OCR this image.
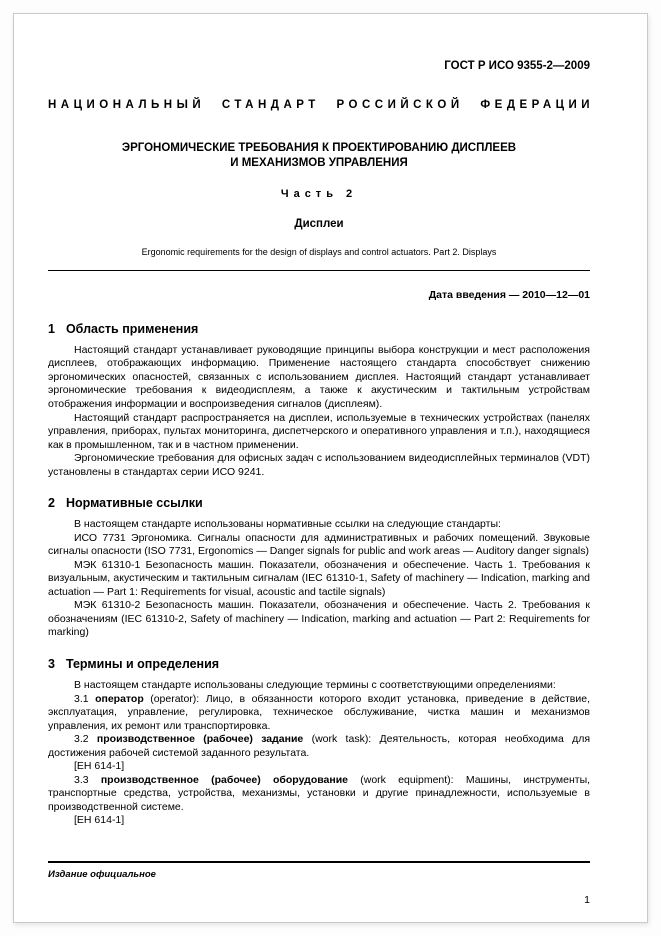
ГОСТ Р ИСО 9355-2—2009
НАЦИОНАЛЬНЫЙ СТАНДАРТ РОССИЙСКОЙ ФЕДЕРАЦИИ
ЭРГОНОМИЧЕСКИЕ ТРЕБОВАНИЯ К ПРОЕКТИРОВАНИЮ ДИСПЛЕЕВ
И МЕХАНИЗМОВ УПРАВЛЕНИЯ
Часть 2
Дисплеи
Ergonomic requirements for the design of displays and control actuators. Part 2. Displays
Дата введения — 2010—12—01
1 Область применения

Настоящий стандарт устанавливает руководящие принципы выбора конструкции и мест расположения дисплеев, отображающих информацию. Применение настоящего стандарта способствует снижению эргономических опасностей, связанных с использованием дисплея. Настоящий стандарт устанавливает эргономические требования к видеодисплеям, а также к акустическим и тактильным устройствам отображения информации и воспроизведения сигналов (дисплеям).

Настоящий стандарт распространяется на дисплеи, используемые в технических устройствах (панелях управления, приборах, пультах мониторинга, диспетчерского и оперативного управления и т.п.), находящиеся как в промышленном, так и в частном применении.

Эргономические требования для офисных задач с использованием видеодисплейных терминалов (VDT) установлены в стандартах серии ИСО 9241.

2 Нормативные ссылки

В настоящем стандарте использованы нормативные ссылки на следующие стандарты:

ИСО 7731 Эргономика. Сигналы опасности для административных и рабочих помещений. Звуковые сигналы опасности (ISO 7731, Ergonomics — Danger signals for public and work areas — Auditory danger signals)

МЭК 61310-1 Безопасность машин. Показатели, обозначения и обеспечение. Часть 1. Требования к визуальным, акустическим и тактильным сигналам (IEC 61310-1, Safety of machinery — Indication, marking and actuation — Part 1: Requirements for visual, acoustic and tactile signals)

МЭК 61310-2 Безопасность машин. Показатели, обозначения и обеспечение. Часть 2. Требования к обозначениям (IEC 61310-2, Safety of machinery — Indication, marking and actuation — Part 2: Requirements for marking)

3 Термины и определения

В настоящем стандарте использованы следующие термины с соответствующими определениями:

3.1 оператор (operator): Лицо, в обязанности которого входит установка, приведение в действие, эксплуатация, управление, регулировка, техническое обслуживание, чистка машин и механизмов управления, их ремонт или транспортировка.

3.2 производственное (рабочее) задание (work task): Деятельность, которая необходима для достижения рабочей системой заданного результата.

[ЕН 614-1]

3.3 производственное (рабочее) оборудование (work equipment): Машины, инструменты, транспортные средства, устройства, механизмы, установки и другие принадлежности, используемые в производственной системе.

[ЕН 614-1]

Издание официальное
1
